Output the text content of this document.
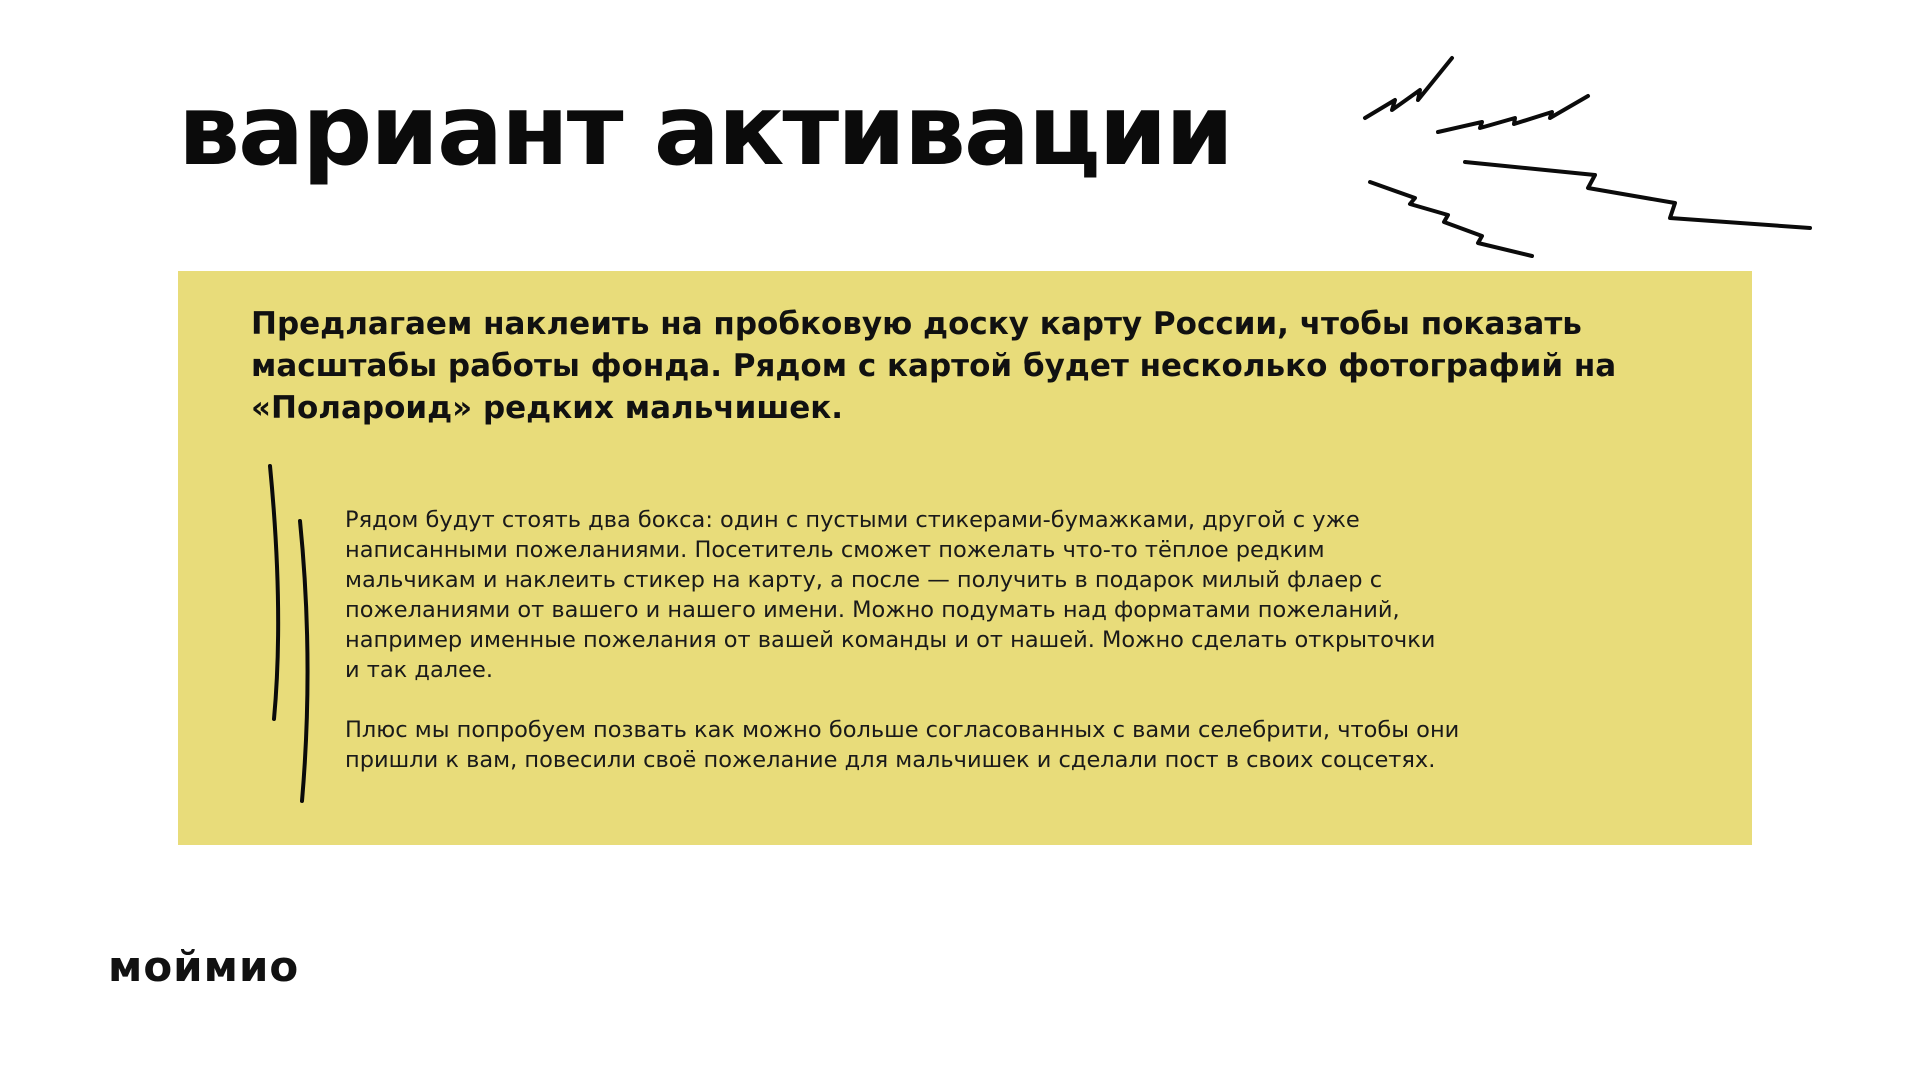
вариант активации
Предлагаем наклеить на пробковую доску карту России, чтобы показать масштабы работы фонда. Рядом с картой будет несколько фотографий на «Полароид» редких мальчишек.

Рядом будут стоять два бокса: один с пустыми стикерами-бумажками, другой с уже
написанными пожеланиями. Посетитель сможет пожелать что-то тёплое редким
мальчикам и наклеить стикер на карту, а после — получить в подарок милый флаер с
пожеланиями от вашего и нашего имени. Можно подумать над форматами пожеланий,
например именные пожелания от вашей команды и от нашей. Можно сделать открыточки
и так далее.

Плюс мы попробуем позвать как можно больше согласованных с вами селебрити, чтобы они
пришли к вам, повесили своё пожелание для мальчишек и сделали пост в своих соцсетях.

моймио
